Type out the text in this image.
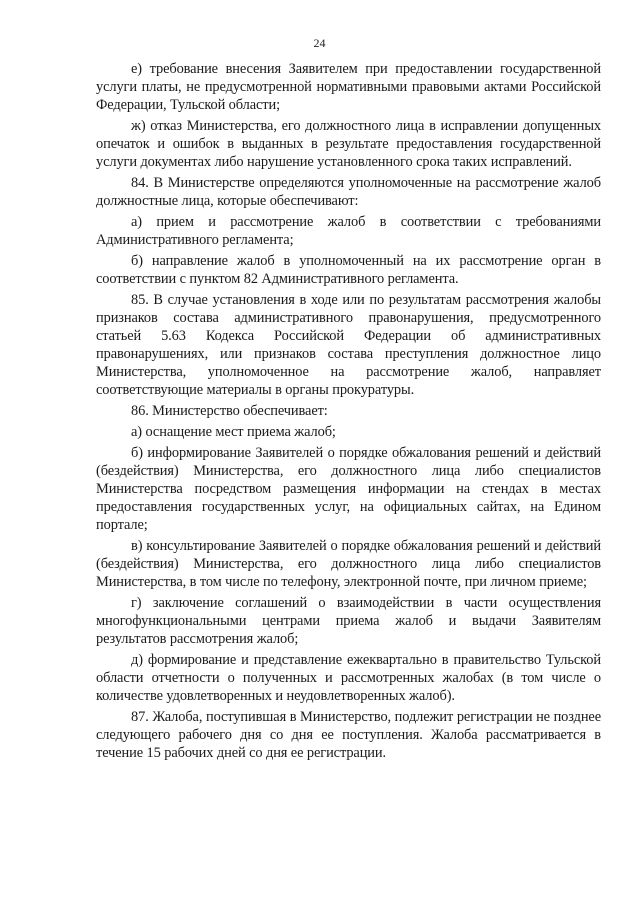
24

е) требование внесения Заявителем при предоставлении государственной услуги платы, не предусмотренной нормативными правовыми актами Российской Федерации, Тульской области;

ж) отказ Министерства, его должностного лица в исправлении допущенных опечаток и ошибок в выданных в результате предоставления государственной услуги документах либо нарушение установленного срока таких исправлений.

84. В Министерстве определяются уполномоченные на рассмотрение жалоб должностные лица, которые обеспечивают:

а) прием и рассмотрение жалоб в соответствии с требованиями Административного регламента;

б) направление жалоб в уполномоченный на их рассмотрение орган в соответствии с пунктом 82 Административного регламента.

85. В случае установления в ходе или по результатам рассмотрения жалобы признаков состава административного правонарушения, предусмотренного статьей 5.63 Кодекса Российской Федерации об административных правонарушениях, или признаков состава преступления должностное лицо Министерства, уполномоченное на рассмотрение жалоб, направляет соответствующие материалы в органы прокуратуры.

86. Министерство обеспечивает:

а) оснащение мест приема жалоб;

б) информирование Заявителей о порядке обжалования решений и действий (бездействия) Министерства, его должностного лица либо специалистов Министерства посредством размещения информации на стендах в местах предоставления государственных услуг, на официальных сайтах, на Едином портале;

в) консультирование Заявителей о порядке обжалования решений и действий (бездействия) Министерства, его должностного лица либо специалистов Министерства, в том числе по телефону, электронной почте, при личном приеме;

г) заключение соглашений о взаимодействии в части осуществления многофункциональными центрами приема жалоб и выдачи Заявителям результатов рассмотрения жалоб;

д) формирование и представление ежеквартально в правительство Тульской области отчетности о полученных и рассмотренных жалобах (в том числе о количестве удовлетворенных и неудовлетворенных жалоб).

87. Жалоба, поступившая в Министерство, подлежит регистрации не позднее следующего рабочего дня со дня ее поступления. Жалоба рассматривается в течение 15 рабочих дней со дня ее регистрации.
